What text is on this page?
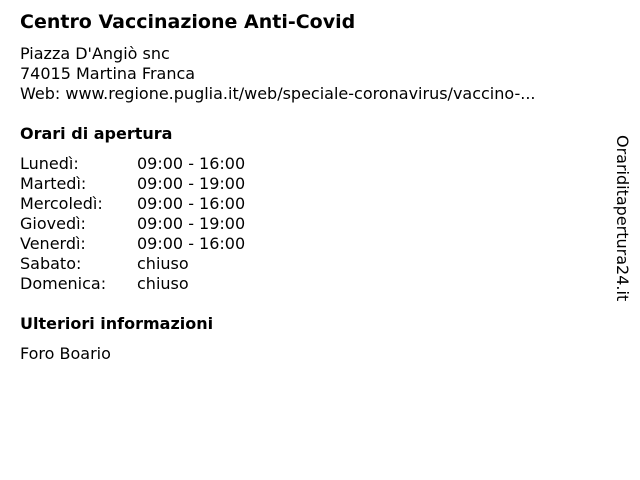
Centro Vaccinazione Anti-Covid
Piazza D'Angiò snc
74015 Martina Franca
Web: www.regione.puglia.it/web/speciale-coronavirus/vaccino-...
Orari di apertura
Lunedì:	09:00 - 16:00
Martedì:	09:00 - 19:00
Mercoledì:	09:00 - 16:00
Giovedì:	09:00 - 19:00
Venerdì:	09:00 - 16:00
Sabato:	chiuso
Domenica:	chiuso
Ulteriori informazioni
Foro Boario
Orariditapertura24.it
